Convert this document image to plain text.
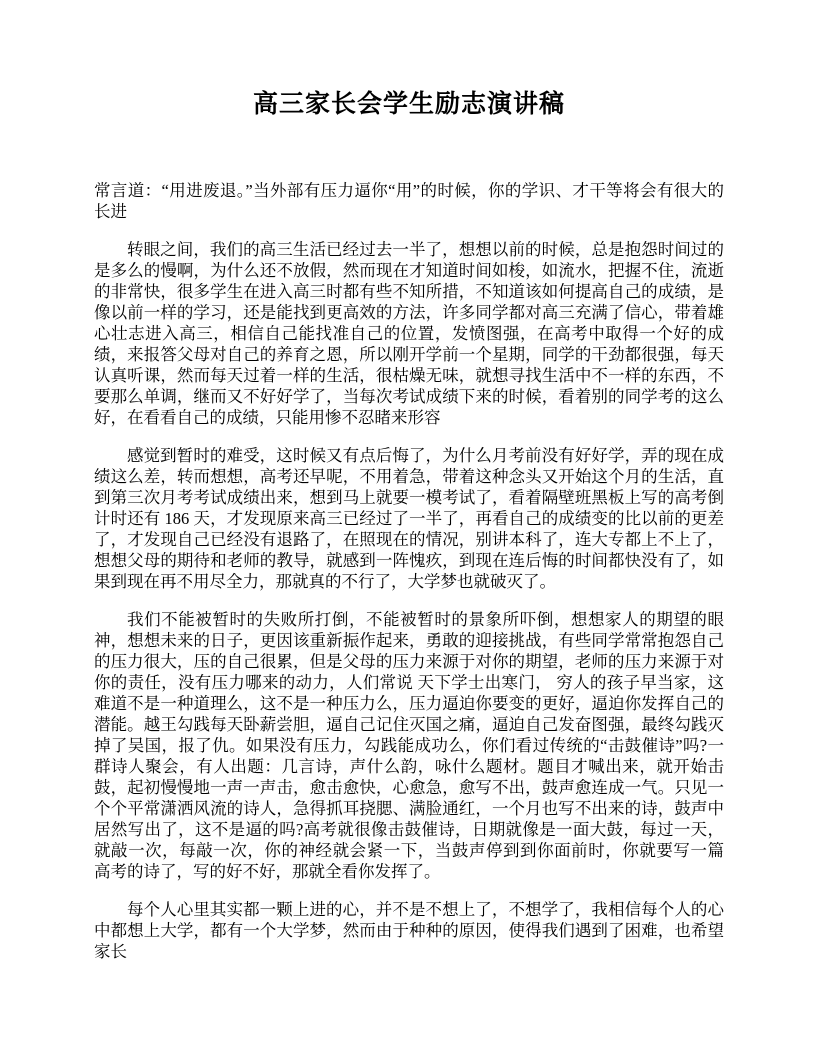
高三家长会学生励志演讲稿

常言道：“用进废退。”当外部有压力逼你“用”的时候，你的学识、才干等将会有很大的长进

转眼之间，我们的高三生活已经过去一半了，想想以前的时候，总是抱怨时间过的是多么的慢啊，为什么还不放假，然而现在才知道时间如梭，如流水，把握不住，流逝的非常快，很多学生在进入高三时都有些不知所措，不知道该如何提高自己的成绩，是像以前一样的学习，还是能找到更高效的方法，许多同学都对高三充满了信心，带着雄心壮志进入高三，相信自己能找准自己的位置，发愤图强，在高考中取得一个好的成绩，来报答父母对自己的养育之恩，所以刚开学前一个星期，同学的干劲都很强，每天认真听课，然而每天过着一样的生活，很枯燥无味，就想寻找生活中不一样的东西，不要那么单调，继而又不好好学了，当每次考试成绩下来的时候，看着别的同学考的这么好，在看看自己的成绩，只能用惨不忍睹来形容

感觉到暂时的难受，这时候又有点后悔了，为什么月考前没有好好学，弄的现在成绩这么差，转而想想，高考还早呢，不用着急，带着这种念头又开始这个月的生活，直到第三次月考考试成绩出来，想到马上就要一模考试了，看着隔壁班黑板上写的高考倒计时还有 186 天，才发现原来高三已经过了一半了，再看自己的成绩变的比以前的更差了，才发现自己已经没有退路了，在照现在的情况，别讲本科了，连大专都上不上了，想想父母的期待和老师的教导，就感到一阵愧疚，到现在连后悔的时间都快没有了，如果到现在再不用尽全力，那就真的不行了，大学梦也就破灭了。

我们不能被暂时的失败所打倒，不能被暂时的景象所吓倒，想想家人的期望的眼神，想想未来的日子，更因该重新振作起来，勇敢的迎接挑战，有些同学常常抱怨自己的压力很大，压的自己很累，但是父母的压力来源于对你的期望，老师的压力来源于对你的责任，没有压力哪来的动力，人们常说 天下学士出寒门， 穷人的孩子早当家，这难道不是一种道理么，这不是一种压力么，压力逼迫你要变的更好，逼迫你发挥自己的潜能。越王勾践每天卧薪尝胆，逼自己记住灭国之痛，逼迫自己发奋图强，最终勾践灭掉了吴国，报了仇。如果没有压力，勾践能成功么，你们看过传统的“击鼓催诗”吗?一群诗人聚会，有人出题：几言诗，声什么韵，咏什么题材。题目才喊出来，就开始击鼓，起初慢慢地一声一声击，愈击愈快，心愈急，愈写不出，鼓声愈连成一气。只见一个个平常潇洒风流的诗人，急得抓耳挠腮、满脸通红，一个月也写不出来的诗，鼓声中居然写出了，这不是逼的吗?高考就很像击鼓催诗，日期就像是一面大鼓，每过一天，就敲一次，每敲一次，你的神经就会紧一下，当鼓声停到到你面前时，你就要写一篇 高考的诗了，写的好不好，那就全看你发挥了。

每个人心里其实都一颗上进的心，并不是不想上了，不想学了，我相信每个人的心中都想上大学，都有一个大学梦，然而由于种种的原因，使得我们遇到了困难，也希望家长
